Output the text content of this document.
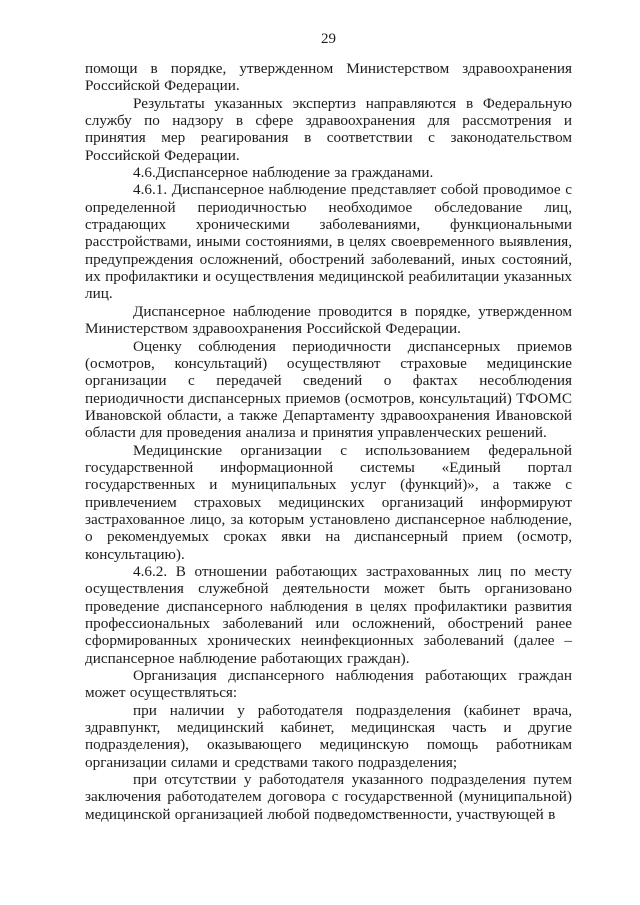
29

помощи в порядке, утвержденном Министерством здравоохранения Российской Федерации.

Результаты указанных экспертиз направляются в Федеральную службу по надзору в сфере здравоохранения для рассмотрения и принятия мер реагирования в соответствии с законодательством Российской Федерации.

4.6.Диспансерное наблюдение за гражданами.

4.6.1. Диспансерное наблюдение представляет собой проводимое с определенной периодичностью необходимое обследование лиц, страдающих хроническими заболеваниями, функциональными расстройствами, иными состояниями, в целях своевременного выявления, предупреждения осложнений, обострений заболеваний, иных состояний, их профилактики и осуществления медицинской реабилитации указанных лиц.

Диспансерное наблюдение проводится в порядке, утвержденном Министерством здравоохранения Российской Федерации.

Оценку соблюдения периодичности диспансерных приемов (осмотров, консультаций) осуществляют страховые медицинские организации с передачей сведений о фактах несоблюдения периодичности диспансерных приемов (осмотров, консультаций) ТФОМС Ивановской области, а также Департаменту здравоохранения Ивановской области для проведения анализа и принятия управленческих решений.

Медицинские организации с использованием федеральной государственной информационной системы «Единый портал государственных и муниципальных услуг (функций)», а также с привлечением страховых медицинских организаций информируют застрахованное лицо, за которым установлено диспансерное наблюдение, о рекомендуемых сроках явки на диспансерный прием (осмотр, консультацию).

4.6.2. В отношении работающих застрахованных лиц по месту осуществления служебной деятельности может быть организовано проведение диспансерного наблюдения в целях профилактики развития профессиональных заболеваний или осложнений, обострений ранее сформированных хронических неинфекционных заболеваний (далее – диспансерное наблюдение работающих граждан).

Организация диспансерного наблюдения работающих граждан может осуществляться:

при наличии у работодателя подразделения (кабинет врача, здравпункт, медицинский кабинет, медицинская часть и другие подразделения), оказывающего медицинскую помощь работникам организации силами и средствами такого подразделения;

при отсутствии у работодателя указанного подразделения путем заключения работодателем договора с государственной (муниципальной) медицинской организацией любой подведомственности, участвующей в
